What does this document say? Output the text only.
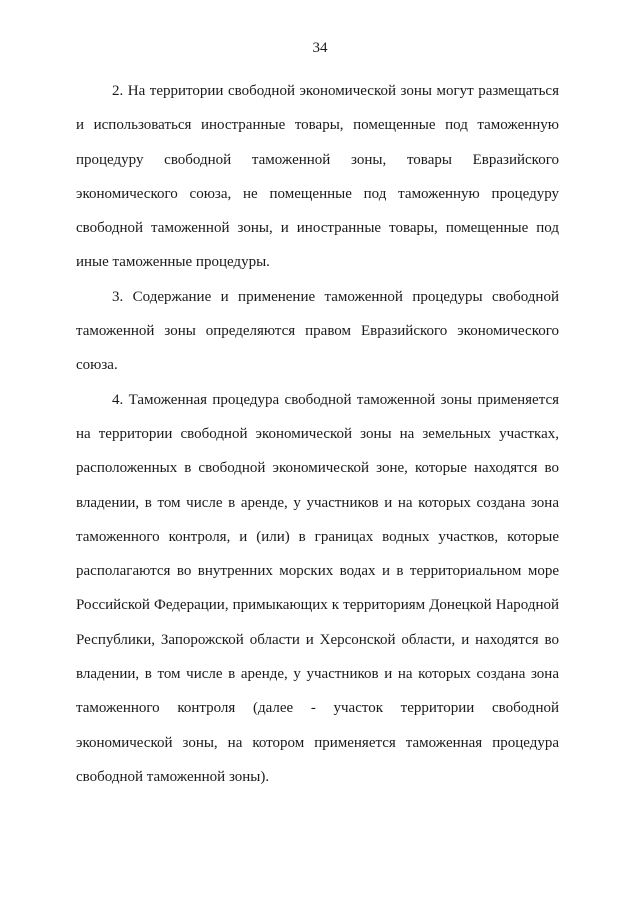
34
2. На территории свободной экономической зоны могут размещаться
и использоваться иностранные товары, помещенные под таможенную
процедуру свободной таможенной зоны, товары Евразийского
экономического союза, не помещенные под таможенную процедуру
свободной таможенной зоны, и иностранные товары, помещенные под
иные таможенные процедуры.
3. Содержание и применение таможенной процедуры свободной
таможенной зоны определяются правом Евразийского экономического
союза.
4. Таможенная процедура свободной таможенной зоны применяется
на территории свободной экономической зоны на земельных участках,
расположенных в свободной экономической зоне, которые находятся во
владении, в том числе в аренде, у участников и на которых создана зона
таможенного контроля, и (или) в границах водных участков, которые
располагаются во внутренних морских водах и в территориальном море
Российской Федерации, примыкающих к территориям Донецкой Народной
Республики, Запорожской области и Херсонской области, и находятся во
владении, в том числе в аренде, у участников и на которых создана зона
таможенного контроля (далее - участок территории свободной
экономической зоны, на котором применяется таможенная процедура
свободной таможенной зоны).
